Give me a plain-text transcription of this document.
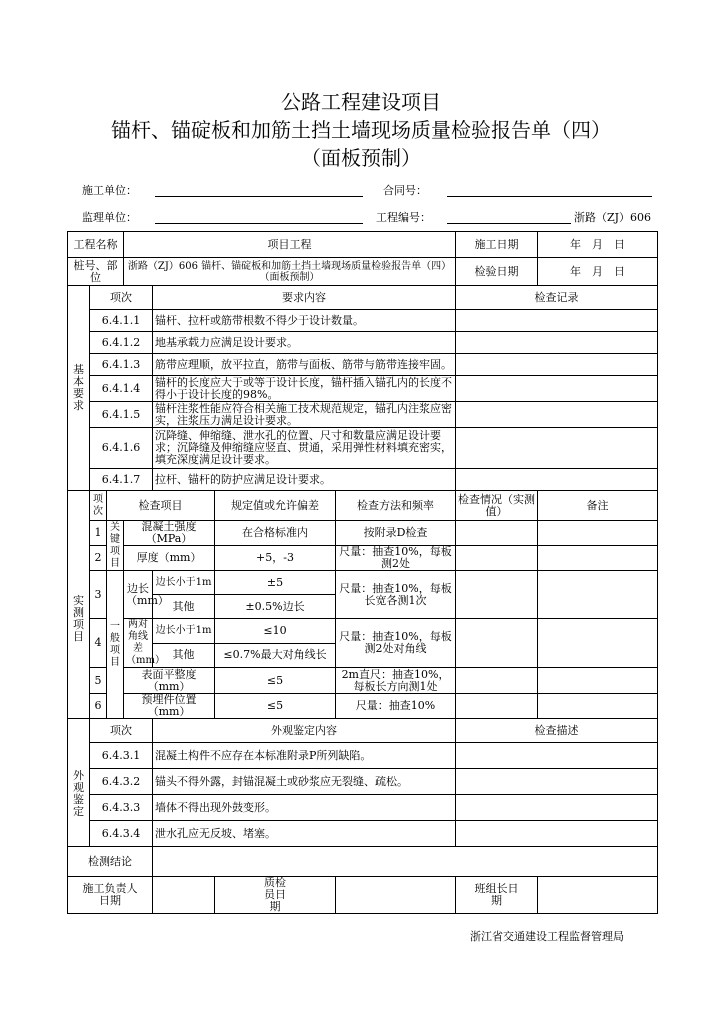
公路工程建设项目
锚杆、锚碇板和加筋土挡土墙现场质量检验报告单（四）
（面板预制）
施工单位：	合同号：
监理单位：	工程编号：	浙路（ZJ）606
工程名称			项目工程				施工日期	年　月　日
桩号、部位			浙路（ZJ）606 锚杆、锚碇板和加筋土挡土墙现场质量检验报告单（四）（面板预制）				检验日期	年　月　日
基本要求	项次			要求内容			检查记录	
	6.4.1.1			锚杆、拉杆或筋带根数不得少于设计数量。				
	6.4.1.2			地基承载力应满足设计要求。				
	6.4.1.3			筋带应理顺，放平拉直，筋带与面板、筋带与筋带连接牢固。				
	6.4.1.4			锚杆的长度应大于或等于设计长度，锚杆插入锚孔内的长度不得小于设计长度的98%。				
	6.4.1.5			锚杆注浆性能应符合相关施工技术规范规定，锚孔内注浆应密实，注浆压力满足设计要求。				
	6.4.1.6			沉降缝、伸缩缝、泄水孔的位置、尺寸和数量应满足设计要求；沉降缝及伸缩缝应竖直、贯通，采用弹性材料填充密实，填充深度满足设计要求。				
	6.4.1.7			拉杆、锚杆的防护应满足设计要求。				
	项次	检查项目			规定值或允许偏差	检查方法和频率	检查情况（实测值）	备注
实测项目	1	关键项目	混凝土强度（MPa）		在合格标准内	按附录D检查		
	2		厚度（mm）		+5，-3	尺量：抽查10%，每板测2处		
	3	一般项目	边长（mm）	边长小于1m	±5	尺量：抽查10%，每板长宽各测1次		
				其他	±0.5%边长			
	4		两对角线差（mm）	边长小于1m	≤10	尺量：抽查10%，每板测2处对角线		
				其他	≤0.7%最大对角线长			
	5		表面平整度（mm）		≤5	2m直尺：抽查10%，每板长方向测1处		
	6		预埋件位置（mm）		≤5	尺量：抽查10%		
	项次			外观鉴定内容			检查描述	
外观鉴定	6.4.3.1			混凝土构件不应存在本标准附录P所列缺陷。				
	6.4.3.2			锚头不得外露，封锚混凝土或砂浆应无裂缝、疏松。				
	6.4.3.3			墙体不得出现外鼓变形。				
	6.4.3.4			泄水孔应无反坡、堵塞。				
检测结论								
施工负责人日期					质检员日期		班组长日期	
浙江省交通建设工程监督管理局
